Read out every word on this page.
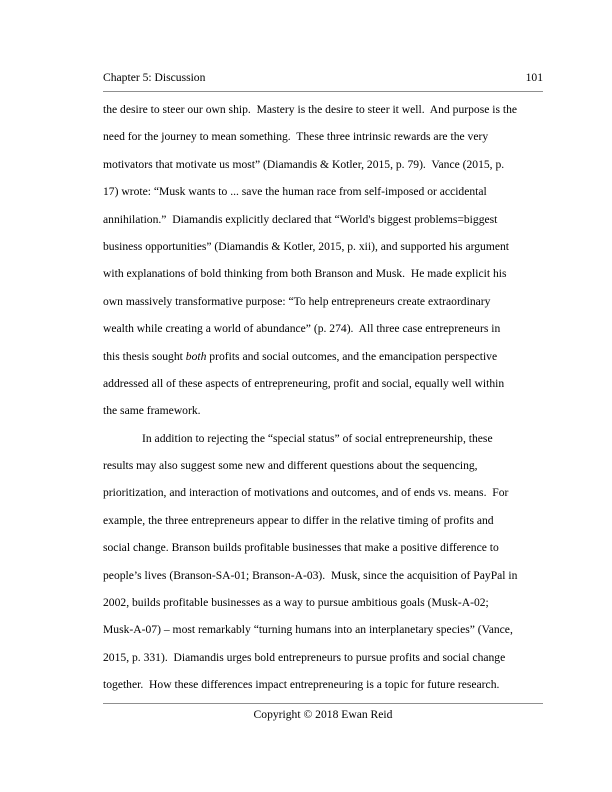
Chapter 5: Discussion	101
the desire to steer our own ship.  Mastery is the desire to steer it well.  And purpose is the
need for the journey to mean something.  These three intrinsic rewards are the very
motivators that motivate us most” (Diamandis & Kotler, 2015, p. 79).  Vance (2015, p.
17) wrote: “Musk wants to ... save the human race from self-imposed or accidental
annihilation.”  Diamandis explicitly declared that “World's biggest problems=biggest
business opportunities” (Diamandis & Kotler, 2015, p. xii), and supported his argument
with explanations of bold thinking from both Branson and Musk.  He made explicit his
own massively transformative purpose: “To help entrepreneurs create extraordinary
wealth while creating a world of abundance” (p. 274).  All three case entrepreneurs in
this thesis sought both profits and social outcomes, and the emancipation perspective
addressed all of these aspects of entrepreneuring, profit and social, equally well within
the same framework.
In addition to rejecting the “special status” of social entrepreneurship, these
results may also suggest some new and different questions about the sequencing,
prioritization, and interaction of motivations and outcomes, and of ends vs. means.  For
example, the three entrepreneurs appear to differ in the relative timing of profits and
social change. Branson builds profitable businesses that make a positive difference to
people’s lives (Branson-SA-01; Branson-A-03).  Musk, since the acquisition of PayPal in
2002, builds profitable businesses as a way to pursue ambitious goals (Musk-A-02;
Musk-A-07) – most remarkably “turning humans into an interplanetary species” (Vance,
2015, p. 331).  Diamandis urges bold entrepreneurs to pursue profits and social change
together.  How these differences impact entrepreneuring is a topic for future research.
Copyright © 2018 Ewan Reid
